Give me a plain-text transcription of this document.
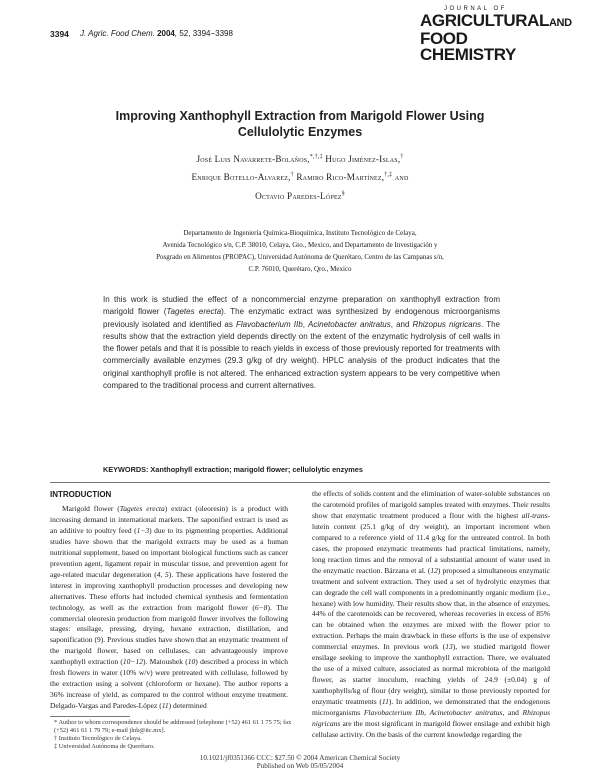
3394 J. Agric. Food Chem. 2004, 52, 3394−3398
JOURNAL OF
AGRICULTURALAND
FOOD CHEMISTRY
Improving Xanthophyll Extraction from Marigold Flower Using
Cellulolytic Enzymes
José Luis Navarrete-Bolaños,*,†,‡ Hugo Jiménez-Islas,†
Enrique Botello-Alvarez,† Ramiro Rico-Martínez,†,‡ and
Octavio Paredes-López§
Departamento de Ingeniería Química-Bioquímica, Instituto Tecnológico de Celaya,
Avenida Tecnológico s/n, C.P. 38010, Celaya, Gto., Mexico, and Departamento de Investigación y
Posgrado en Alimentos (PROPAC), Universidad Autónoma de Querétaro, Centro de las Campanas s/n,
C.P. 76010, Querétaro, Qro., Mexico
In this work is studied the effect of a noncommercial enzyme preparation on xanthophyll extraction from marigold flower (Tagetes erecta). The enzymatic extract was synthesized by endogenous microorganisms previously isolated and identified as Flavobacterium IIb, Acinetobacter anitratus, and Rhizopus nigricans. The results show that the extraction yield depends directly on the extent of the enzymatic hydrolysis of cell walls in the flower petals and that it is possible to reach yields in excess of those previously reported for treatments with commercially available enzymes (29.3 g/kg of dry weight). HPLC analysis of the product indicates that the original xanthophyll profile is not altered. The enhanced extraction system appears to be very competitive when compared to the traditional process and current alternatives.
KEYWORDS: Xanthophyll extraction; marigold flower; cellulolytic enzymes
INTRODUCTION

Marigold flower (Tagetes erecta) extract (oleoresin) is a product with increasing demand in international markets. The saponified extract is used as an additive to poultry feed (1−3) due to its pigmenting properties. Additional studies have shown that the marigold extracts may be used as a human nutritional supplement, based on important biological functions such as cancer prevention agent, ligament repair in muscular tissue, and prevention agent for age-related macular degeneration (4, 5). These applications have fostered the interest in improving xanthophyll production processes and developing new alternatives. These efforts had included chemical synthesis and fermentation technology, as well as the extraction from marigold flower (6−8). The commercial oleoresin production from marigold flower involves the following stages: ensilage, pressing, drying, hexane extraction, distillation, and saponification (9). Previous studies have shown that an enzymatic treatment of the marigold flower, based on cellulases, can advantageously improve xanthophyll extraction (10−12). Matoushek (10) described a process in which fresh flowers in water (10% w/v) were pretreated with cellulase, followed by the extraction using a solvent (chloroform or hexane). The author reports a 36% increase of yield, as compared to the control without enzyme treatment. Delgado-Vargas and Paredes-López (11) determined

the effects of solids content and the elimination of water-soluble substances on the carotenoid profiles of marigold samples treated with enzymes. Their results show that enzymatic treatment produced a flour with the highest all-trans-lutein content (25.1 g/kg of dry weight), an important increment when compared to a reference yield of 11.4 g/kg for the untreated control. In both cases, the proposed enzymatic treatments had practical limitations, namely, long reaction times and the removal of a substantial amount of water used in the enzymatic reaction. Bárzana et al. (12) proposed a simultaneous enzymatic treatment and solvent extraction. They used a set of hydrolytic enzymes that can degrade the cell wall components in a predominantly organic medium (i.e., hexane) with low humidity. Their results show that, in the absence of enzymes, 44% of the carotenoids can be recovered, whereas recoveries in excess of 85% can be obtained when the enzymes are mixed with the flower prior to extraction. Perhaps the main drawback in these efforts is the use of expensive commercial enzymes. In previous work (13), we studied marigold flower ensilage seeking to improve the xanthophyll extraction. There, we evaluated the use of a mixed culture, associated as normal microbiota of the marigold flower, as starter inoculum, reaching yields of 24.9 (±0.04) g of xanthophylls/kg of flour (dry weight), similar to those previously reported for enzymatic treatments (11). In addition, we demonstrated that the endogenous microorganisms Flavobacterium IIb, Acinetobacter anitratus, and Rhizopus nigricans are the most significant in marigold flower ensilage and exhibit high cellulase activity. On the basis of the current knowledge regarding the

* Author to whom correspondence should be addressed [telephone (+52) 461 61 1 75 75; fax (+52) 461 61 1 79 79; e-mail jlnb@itc.mx].

† Instituto Tecnológico de Celaya.

‡ Universidad Autónoma de Querétaro.

10.1021/jf0351366 CCC: $27.50 © 2004 American Chemical Society
Published on Web 05/05/2004
